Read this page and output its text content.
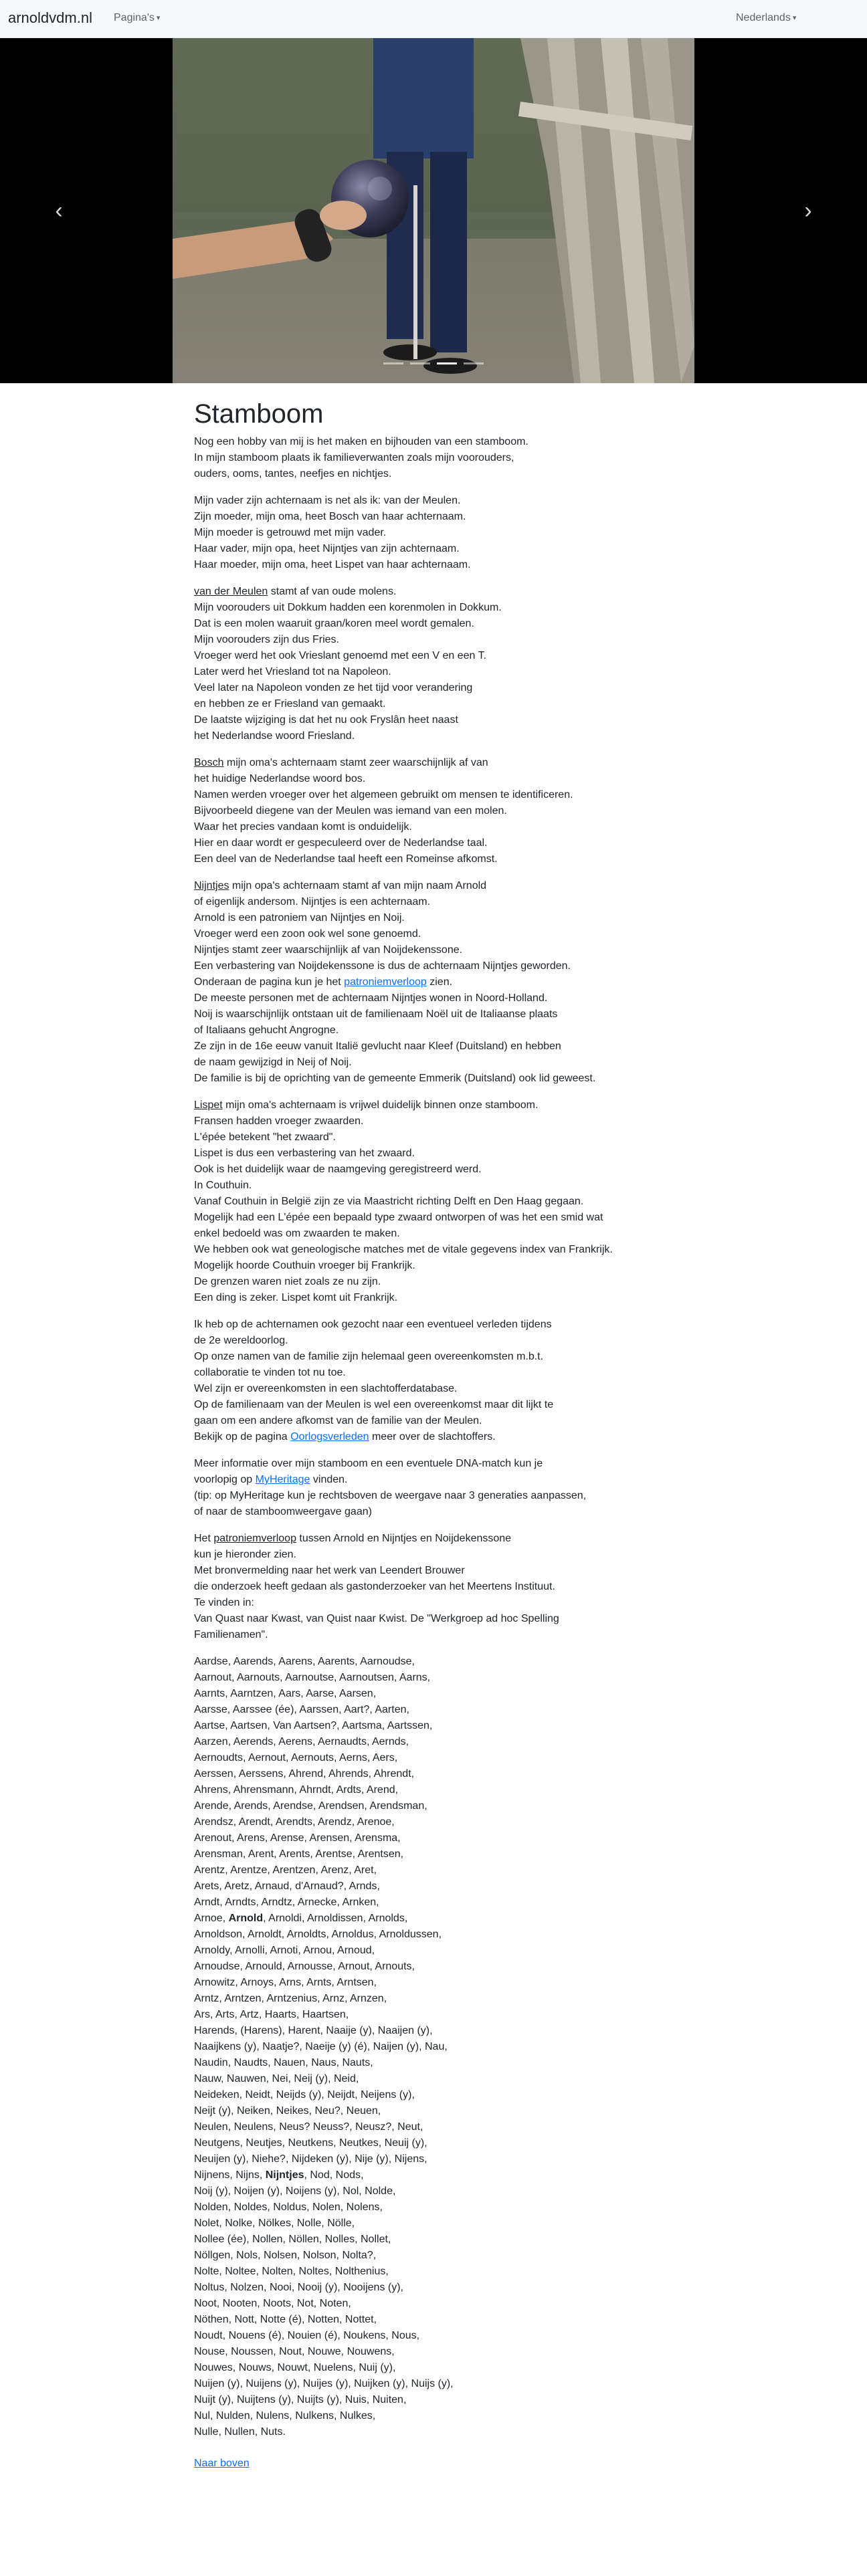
arnoldvdm.nl Pagina's ▾	Nederlands ▾
‹	›
Stamboom

Nog een hobby van mij is het maken en bijhouden van een stamboom.
In mijn stamboom plaats ik familieverwanten zoals mijn voorouders,
ouders, ooms, tantes, neefjes en nichtjes.

Mijn vader zijn achternaam is net als ik: van der Meulen.
Zijn moeder, mijn oma, heet Bosch van haar achternaam.
Mijn moeder is getrouwd met mijn vader.
Haar vader, mijn opa, heet Nijntjes van zijn achternaam.
Haar moeder, mijn oma, heet Lispet van haar achternaam.

van der Meulen stamt af van oude molens.
Mijn voorouders uit Dokkum hadden een korenmolen in Dokkum.
Dat is een molen waaruit graan/koren meel wordt gemalen.
Mijn voorouders zijn dus Fries.
Vroeger werd het ook Vrieslant genoemd met een V en een T.
Later werd het Vriesland tot na Napoleon.
Veel later na Napoleon vonden ze het tijd voor verandering
en hebben ze er Friesland van gemaakt.
De laatste wijziging is dat het nu ook Fryslân heet naast
het Nederlandse woord Friesland.

Bosch mijn oma's achternaam stamt zeer waarschijnlijk af van
het huidige Nederlandse woord bos.
Namen werden vroeger over het algemeen gebruikt om mensen te identificeren.
Bijvoorbeeld diegene van der Meulen was iemand van een molen.
Waar het precies vandaan komt is onduidelijk.
Hier en daar wordt er gespeculeerd over de Nederlandse taal.
Een deel van de Nederlandse taal heeft een Romeinse afkomst.

Nijntjes mijn opa's achternaam stamt af van mijn naam Arnold
of eigenlijk andersom. Nijntjes is een achternaam.
Arnold is een patroniem van Nijntjes en Noij.
Vroeger werd een zoon ook wel sone genoemd.
Nijntjes stamt zeer waarschijnlijk af van Noijdekenssone.
Een verbastering van Noijdekenssone is dus de achternaam Nijntjes geworden.
Onderaan de pagina kun je het patroniemverloop zien.
De meeste personen met de achternaam Nijntjes wonen in Noord-Holland.
Noij is waarschijnlijk ontstaan uit de familienaam Noël uit de Italiaanse plaats
of Italiaans gehucht Angrogne.
Ze zijn in de 16e eeuw vanuit Italië gevlucht naar Kleef (Duitsland) en hebben
de naam gewijzigd in Neij of Noij.
De familie is bij de oprichting van de gemeente Emmerik (Duitsland) ook lid geweest.

Lispet mijn oma's achternaam is vrijwel duidelijk binnen onze stamboom.
Fransen hadden vroeger zwaarden.
L'épée betekent "het zwaard".
Lispet is dus een verbastering van het zwaard.
Ook is het duidelijk waar de naamgeving geregistreerd werd.
In Couthuin.
Vanaf Couthuin in België zijn ze via Maastricht richting Delft en Den Haag gegaan.
Mogelijk had een L'épée een bepaald type zwaard ontworpen of was het een smid wat
enkel bedoeld was om zwaarden te maken.
We hebben ook wat geneologische matches met de vitale gegevens index van Frankrijk.
Mogelijk hoorde Couthuin vroeger bij Frankrijk.
De grenzen waren niet zoals ze nu zijn.
Een ding is zeker. Lispet komt uit Frankrijk.

Ik heb op de achternamen ook gezocht naar een eventueel verleden tijdens
de 2e wereldoorlog.
Op onze namen van de familie zijn helemaal geen overeenkomsten m.b.t.
collaboratie te vinden tot nu toe.
Wel zijn er overeenkomsten in een slachtofferdatabase.
Op de familienaam van der Meulen is wel een overeenkomst maar dit lijkt te
gaan om een andere afkomst van de familie van der Meulen.
Bekijk op de pagina Oorlogsverleden meer over de slachtoffers.

Meer informatie over mijn stamboom en een eventuele DNA-match kun je
voorlopig op MyHeritage vinden.
(tip: op MyHeritage kun je rechtsboven de weergave naar 3 generaties aanpassen,
of naar de stamboomweergave gaan)

Het patroniemverloop tussen Arnold en Nijntjes en Noijdekenssone
kun je hieronder zien.
Met bronvermelding naar het werk van Leendert Brouwer
die onderzoek heeft gedaan als gastonderzoeker van het Meertens Instituut.
Te vinden in:
Van Quast naar Kwast, van Quist naar Kwist. De "Werkgroep ad hoc Spelling
Familienamen".

Aardse, Aarends, Aarens, Aarents, Aarnoudse,
Aarnout, Aarnouts, Aarnoutse, Aarnoutsen, Aarns,
Aarnts, Aarntzen, Aars, Aarse, Aarsen,
Aarsse, Aarssee (ée), Aarssen, Aart?, Aarten,
Aartse, Aartsen, Van Aartsen?, Aartsma, Aartssen,
Aarzen, Aerends, Aerens, Aernaudts, Aernds,
Aernoudts, Aernout, Aernouts, Aerns, Aers,
Aerssen, Aerssens, Ahrend, Ahrends, Ahrendt,
Ahrens, Ahrensmann, Ahrndt, Ardts, Arend,
Arende, Arends, Arendse, Arendsen, Arendsman,
Arendsz, Arendt, Arendts, Arendz, Arenoe,
Arenout, Arens, Arense, Arensen, Arensma,
Arensman, Arent, Arents, Arentse, Arentsen,
Arentz, Arentze, Arentzen, Arenz, Aret,
Arets, Aretz, Arnaud, d'Arnaud?, Arnds,
Arndt, Arndts, Arndtz, Arnecke, Arnken,
Arnoe, Arnold, Arnoldi, Arnoldissen, Arnolds,
Arnoldson, Arnoldt, Arnoldts, Arnoldus, Arnoldussen,
Arnoldy, Arnolli, Arnoti, Arnou, Arnoud,
Arnoudse, Arnould, Arnousse, Arnout, Arnouts,
Arnowitz, Arnoys, Arns, Arnts, Arntsen,
Arntz, Arntzen, Arntzenius, Arnz, Arnzen,
Ars, Arts, Artz, Haarts, Haartsen,
Harends, (Harens), Harent, Naaije (y), Naaijen (y),
Naaijkens (y), Naatje?, Naeije (y) (é), Naijen (y), Nau,
Naudin, Naudts, Nauen, Naus, Nauts,
Nauw, Nauwen, Nei, Neij (y), Neid,
Neideken, Neidt, Neijds (y), Neijdt, Neijens (y),
Neijt (y), Neiken, Neikes, Neu?, Neuen,
Neulen, Neulens, Neus? Neuss?, Neusz?, Neut,
Neutgens, Neutjes, Neutkens, Neutkes, Neuij (y),
Neuijen (y), Niehe?, Nijdeken (y), Nije (y), Nijens,
Nijnens, Nijns, Nijntjes, Nod, Nods,
Noij (y), Noijen (y), Noijens (y), Nol, Nolde,
Nolden, Noldes, Noldus, Nolen, Nolens,
Nolet, Nolke, Nölkes, Nolle, Nölle,
Nollee (ée), Nollen, Nöllen, Nolles, Nollet,
Nöllgen, Nols, Nolsen, Nolson, Nolta?,
Nolte, Noltee, Nolten, Noltes, Nolthenius,
Noltus, Nolzen, Nooi, Nooij (y), Nooijens (y),
Noot, Nooten, Noots, Not, Noten,
Nöthen, Nott, Notte (é), Notten, Nottet,
Noudt, Nouens (é), Nouien (é), Noukens, Nous,
Nouse, Noussen, Nout, Nouwe, Nouwens,
Nouwes, Nouws, Nouwt, Nuelens, Nuij (y),
Nuijen (y), Nuijens (y), Nuijes (y), Nuijken (y), Nuijs (y),
Nuijt (y), Nuijtens (y), Nuijts (y), Nuis, Nuiten,
Nul, Nulden, Nulens, Nulkens, Nulkes,
Nulle, Nullen, Nuts.

Naar boven
